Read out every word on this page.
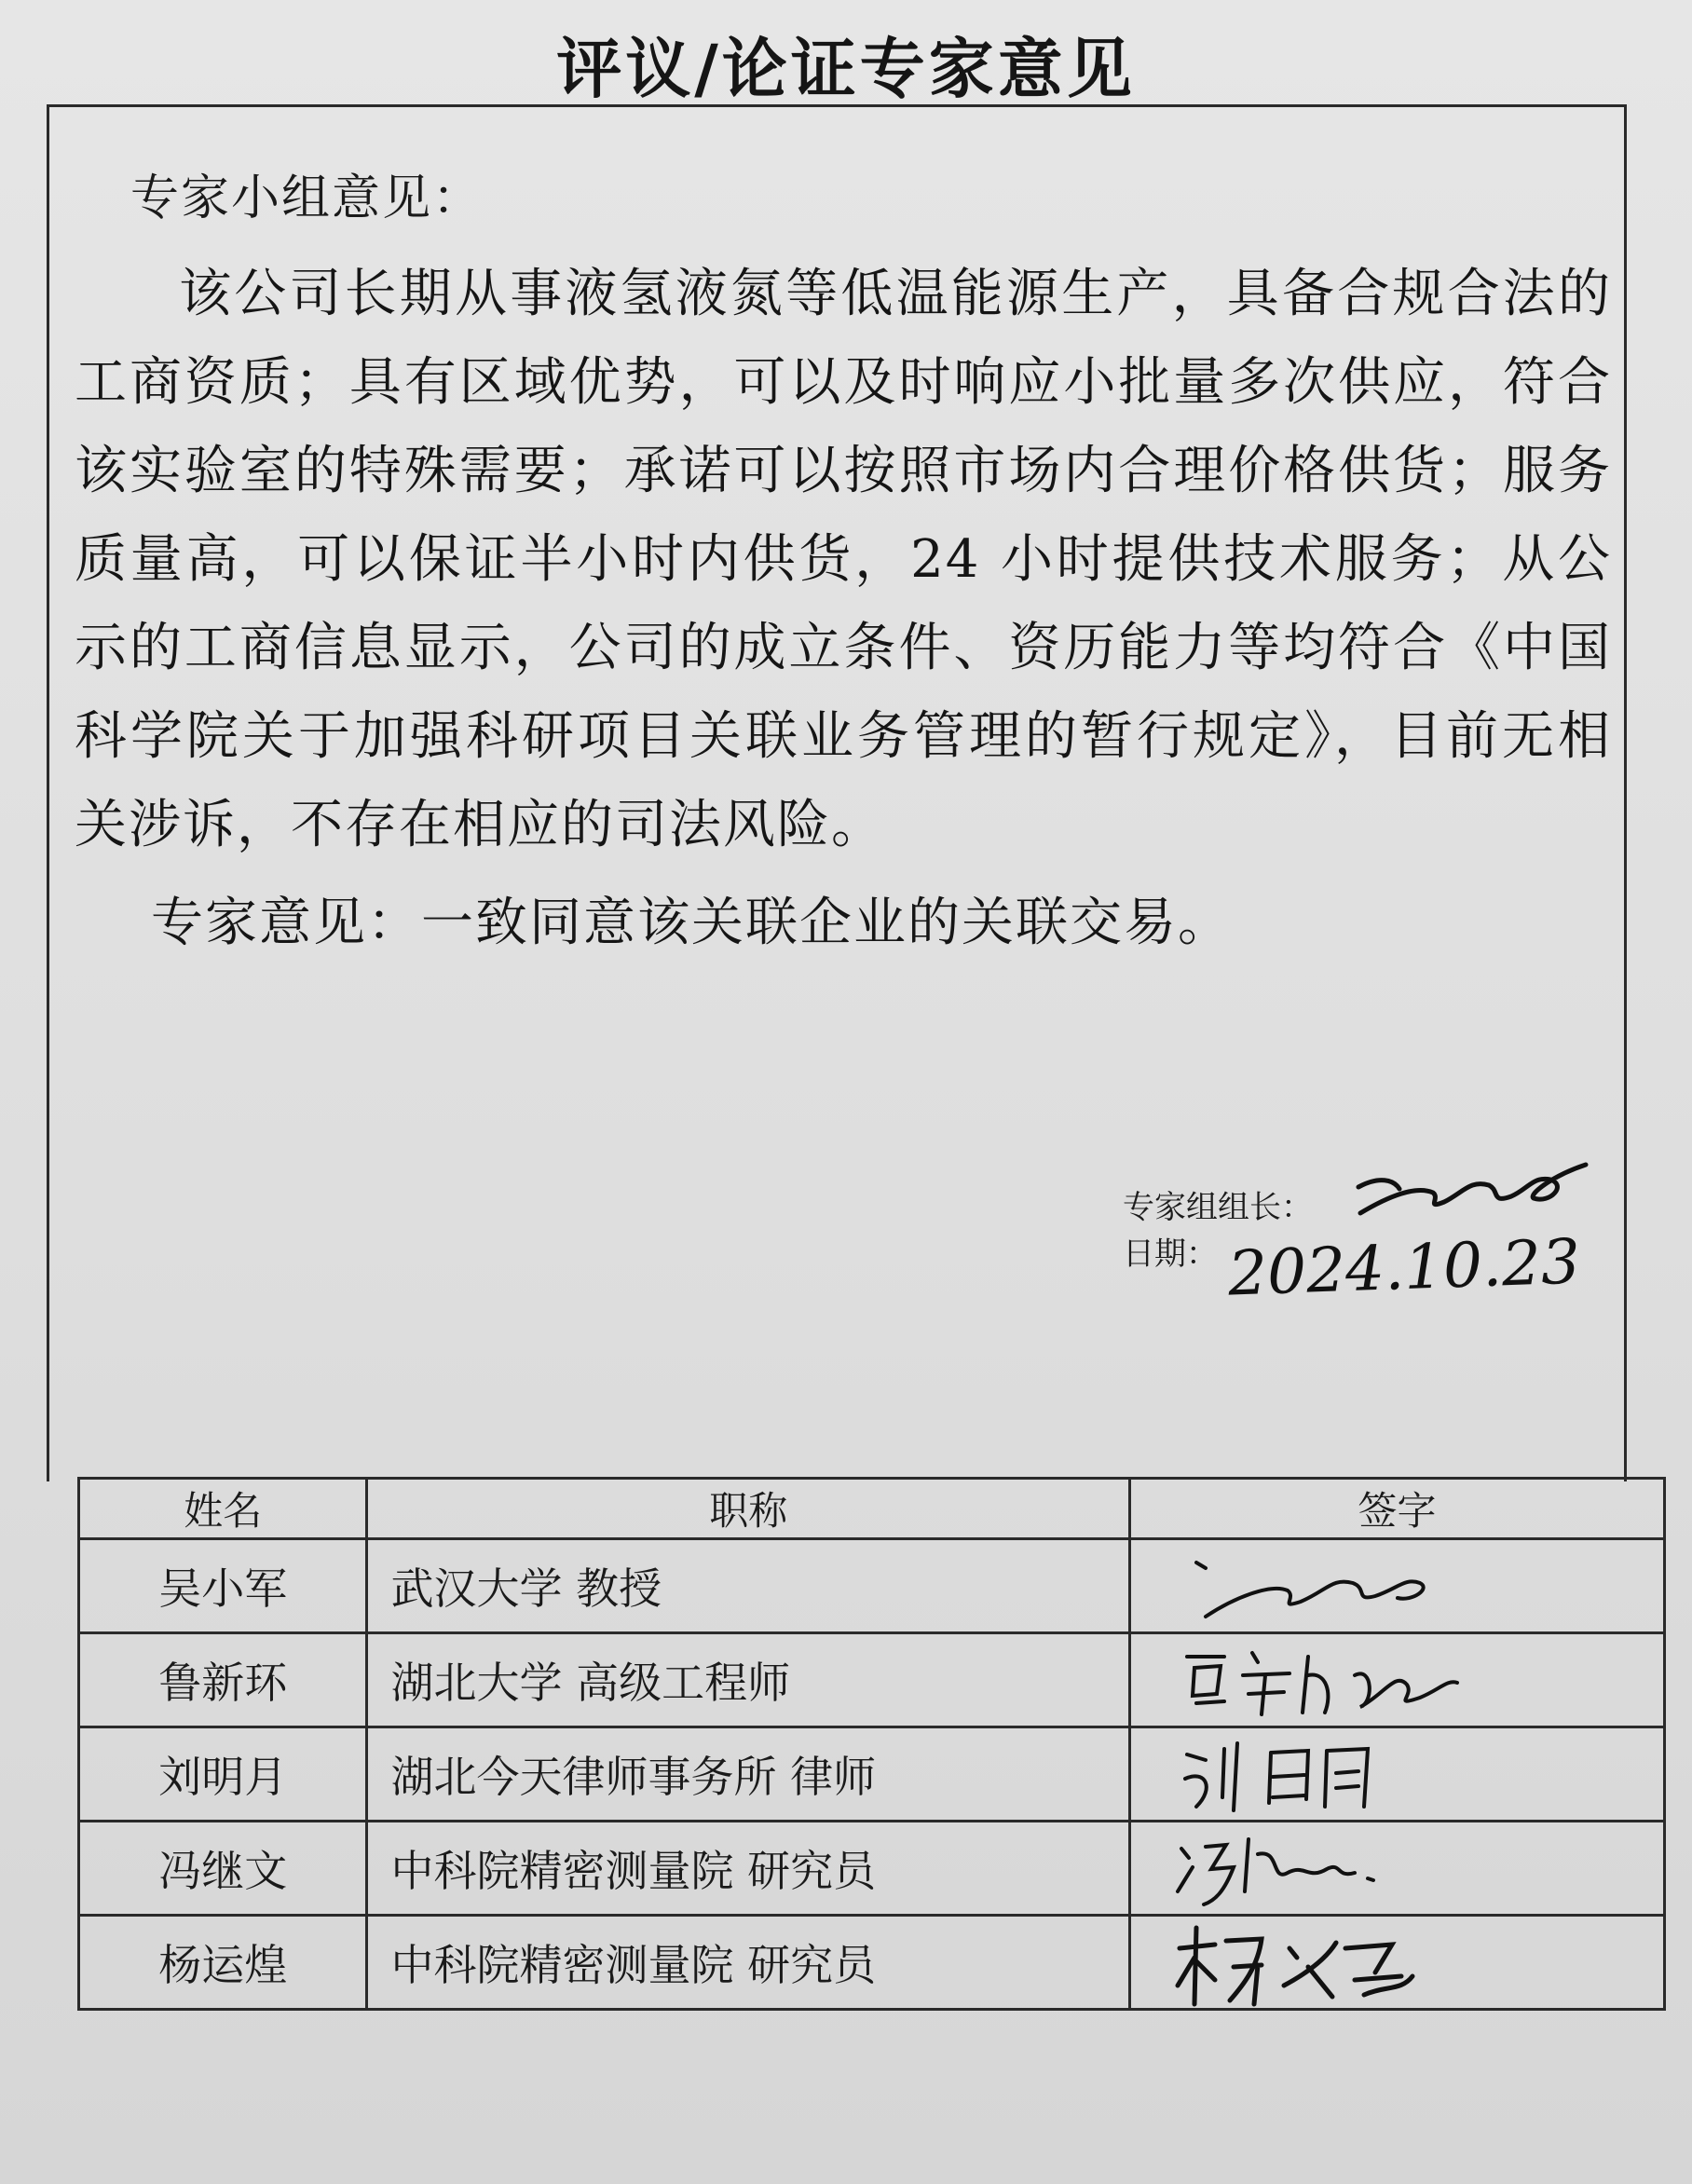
评议/论证专家意见
专家小组意见：

该公司长期从事液氢液氮等低温能源生产，具备合规合法的工商资质；具有区域优势，可以及时响应小批量多次供应，符合该实验室的特殊需要；承诺可以按照市场内合理价格供货；服务质量高，可以保证半小时内供货，24 小时提供技术服务；从公示的工商信息显示，公司的成立条件、资历能力等均符合《中国科学院关于加强科研项目关联业务管理的暂行规定》，目前无相关涉诉，不存在相应的司法风险。

专家意见：一致同意该关联企业的关联交易。
专家组组长：
日期： 2024.10.23
姓名	职称	签字
吴小军	武汉大学 教授	

鲁新环	湖北大学 高级工程师	

刘明月	湖北今天律师事务所 律师	

冯继文	中科院精密测量院 研究员	

杨运煌	中科院精密测量院 研究员	
